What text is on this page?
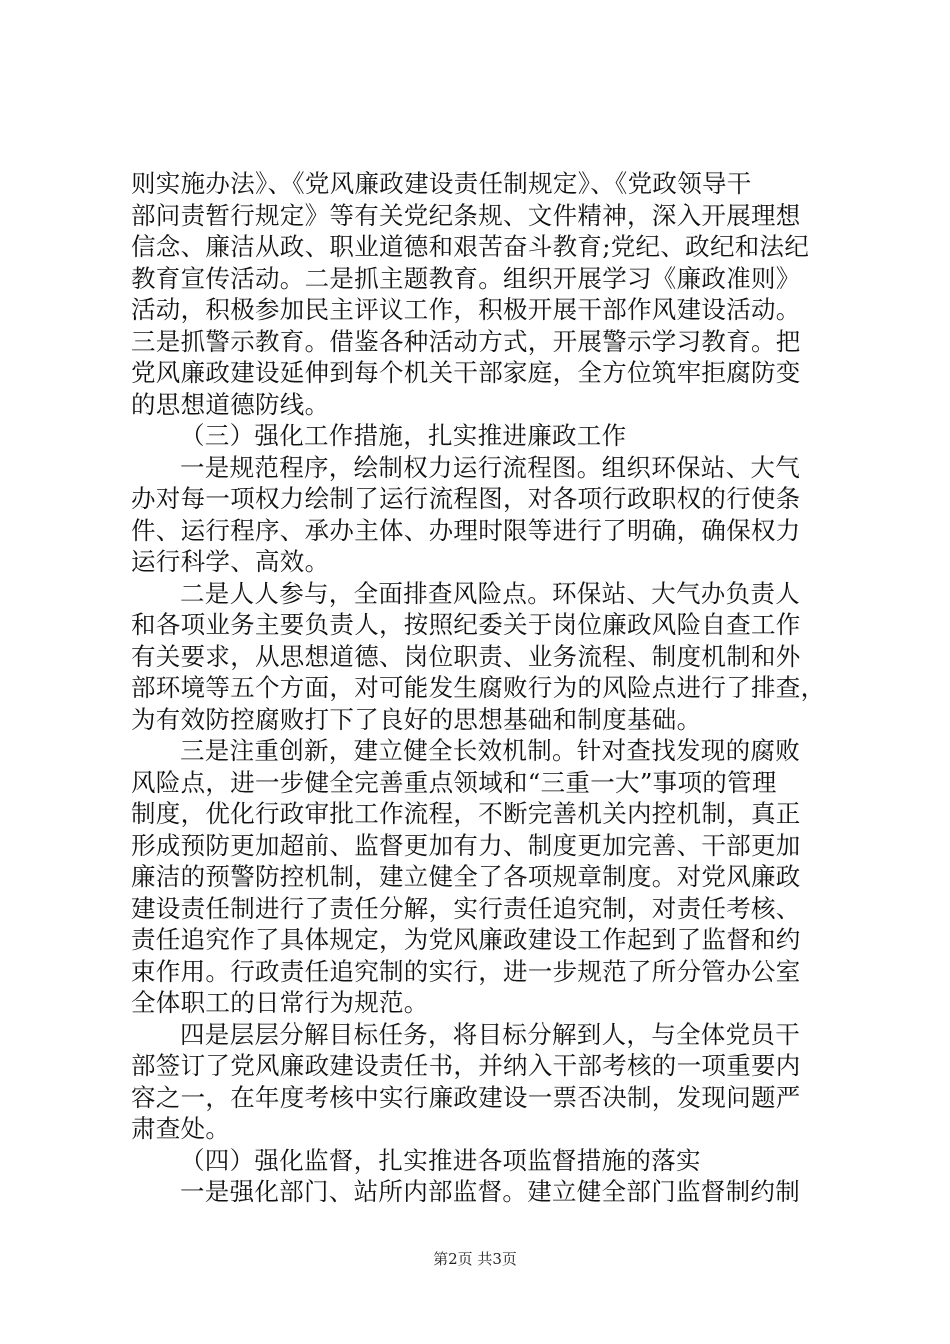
则实施办法》、《党风廉政建设责任制规定》、《党政领导干
部问责暂行规定》等有关党纪条规、文件精神，深入开展理想
信念、廉洁从政、职业道德和艰苦奋斗教育;党纪、政纪和法纪
教育宣传活动。二是抓主题教育。组织开展学习《廉政准则》
活动，积极参加民主评议工作，积极开展干部作风建设活动。
三是抓警示教育。借鉴各种活动方式，开展警示学习教育。把
党风廉政建设延伸到每个机关干部家庭，全方位筑牢拒腐防变
的思想道德防线。
（三）强化工作措施，扎实推进廉政工作
一是规范程序，绘制权力运行流程图。组织环保站、大气
办对每一项权力绘制了运行流程图，对各项行政职权的行使条
件、运行程序、承办主体、办理时限等进行了明确，确保权力
运行科学、高效。
二是人人参与，全面排查风险点。环保站、大气办负责人
和各项业务主要负责人，按照纪委关于岗位廉政风险自查工作
有关要求，从思想道德、岗位职责、业务流程、制度机制和外
部环境等五个方面，对可能发生腐败行为的风险点进行了排查，
为有效防控腐败打下了良好的思想基础和制度基础。
三是注重创新，建立健全长效机制。针对查找发现的腐败
风险点，进一步健全完善重点领域和“三重一大”事项的管理
制度，优化行政审批工作流程，不断完善机关内控机制，真正
形成预防更加超前、监督更加有力、制度更加完善、干部更加
廉洁的预警防控机制，建立健全了各项规章制度。对党风廉政
建设责任制进行了责任分解，实行责任追究制，对责任考核、
责任追究作了具体规定，为党风廉政建设工作起到了监督和约
束作用。行政责任追究制的实行，进一步规范了所分管办公室
全体职工的日常行为规范。
四是层层分解目标任务，将目标分解到人，与全体党员干
部签订了党风廉政建设责任书，并纳入干部考核的一项重要内
容之一，在年度考核中实行廉政建设一票否决制，发现问题严
肃查处。
（四）强化监督，扎实推进各项监督措施的落实
一是强化部门、站所内部监督。建立健全部门监督制约制
第2页 共3页
